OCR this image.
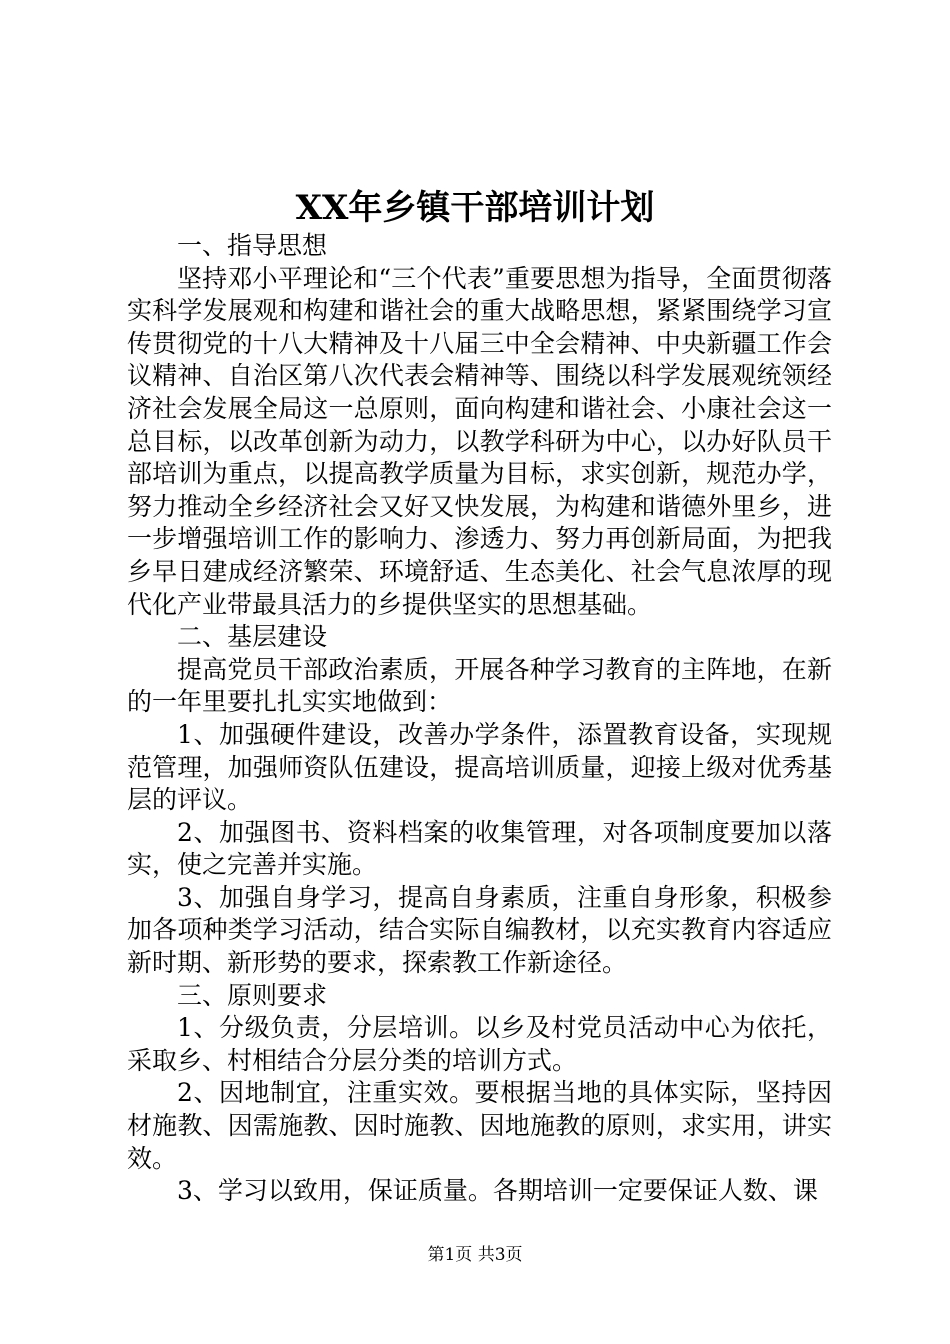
XX年乡镇干部培训计划

一、指导思想

坚持邓小平理论和“三个代表”重要思想为指导，全面贯彻落实科学发展观和构建和谐社会的重大战略思想，紧紧围绕学习宣传贯彻党的十八大精神及十八届三中全会精神、中央新疆工作会议精神、自治区第八次代表会精神等、围绕以科学发展观统领经济社会发展全局这一总原则，面向构建和谐社会、小康社会这一总目标，以改革创新为动力，以教学科研为中心，以办好队员干部培训为重点，以提高教学质量为目标，求实创新，规范办学，努力推动全乡经济社会又好又快发展，为构建和谐德外里乡，进一步增强培训工作的影响力、渗透力、努力再创新局面，为把我乡早日建成经济繁荣、环境舒适、生态美化、社会气息浓厚的现代化产业带最具活力的乡提供坚实的思想基础。

二、基层建设

提高党员干部政治素质，开展各种学习教育的主阵地，在新的一年里要扎扎实实地做到：

1、加强硬件建设，改善办学条件，添置教育设备，实现规范管理，加强师资队伍建设，提高培训质量，迎接上级对优秀基层的评议。

2、加强图书、资料档案的收集管理，对各项制度要加以落实，使之完善并实施。

3、加强自身学习，提高自身素质，注重自身形象，积极参加各项种类学习活动，结合实际自编教材，以充实教育内容适应新时期、新形势的要求，探索教工作新途径。

三、原则要求

1、分级负责，分层培训。以乡及村党员活动中心为依托，采取乡、村相结合分层分类的培训方式。

2、因地制宜，注重实效。要根据当地的具体实际，坚持因材施教、因需施教、因时施教、因地施教的原则，求实用，讲实效。

3、学习以致用，保证质量。各期培训一定要保证人数、课

第1页 共3页
